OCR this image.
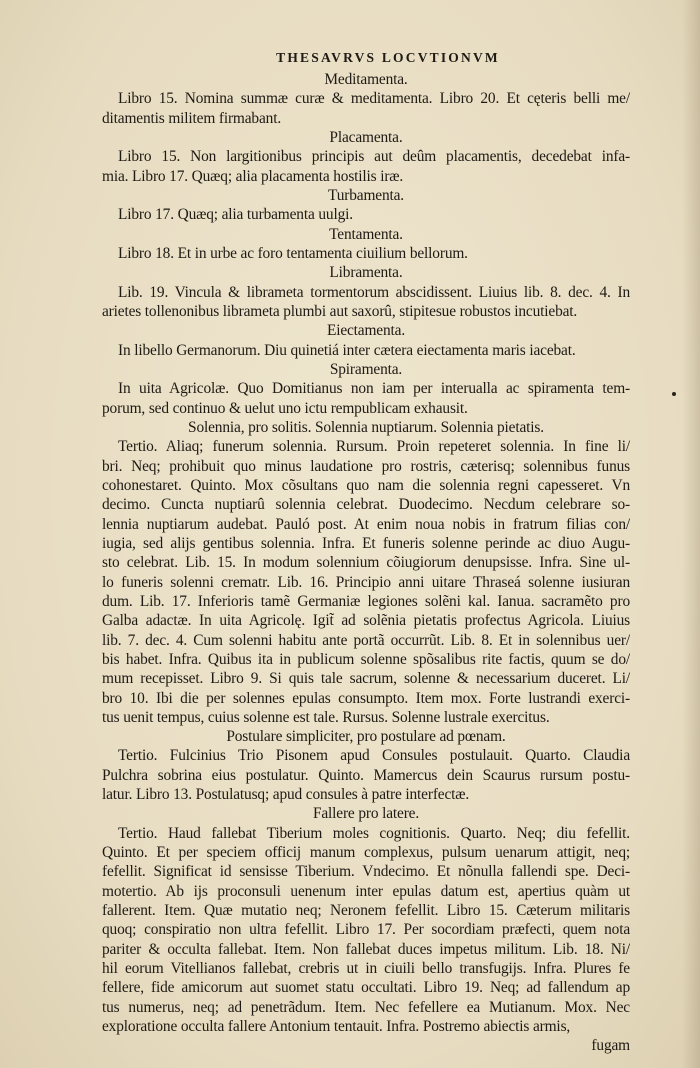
THESAVRVS LOCVTIONVM
Meditamenta.
Libro 15. Nomina summæ curæ & meditamenta. Libro 20. Et cęteris belli me/
ditamentis militem firmabant.
Placamenta.
Libro 15. Non largitionibus principis aut deûm placamentis, decedebat infa-
mia. Libro 17. Quæq; alia placamenta hostilis iræ.
Turbamenta.
Libro 17. Quæq; alia turbamenta uulgi.
Tentamenta.
Libro 18. Et in urbe ac foro tentamenta ciuilium bellorum.
Libramenta.
Lib. 19. Vincula & librameta tormentorum abscidissent. Liuius lib. 8. dec. 4. In
arietes tollenonibus librameta plumbi aut saxorû, stipitesue robustos incutiebat.
Eiectamenta.
In libello Germanorum. Diu quinetiá inter cætera eiectamenta maris iacebat.
Spiramenta.
In uita Agricolæ. Quo Domitianus non iam per interualla ac spiramenta tem-
porum, sed continuo & uelut uno ictu rempublicam exhausit.
Solennia, pro solitis. Solennia nuptiarum. Solennia pietatis.
Tertio. Aliaq; funerum solennia. Rursum. Proin repeteret solennia. In fine li/
bri. Neq; prohibuit quo minus laudatione pro rostris, cæterisq; solennibus funus
cohonestaret. Quinto. Mox cõsultans quo nam die solennia regni capesseret. Vn
decimo. Cuncta nuptiarû solennia celebrat. Duodecimo. Necdum celebrare so-
lennia nuptiarum audebat. Pauló post. At enim noua nobis in fratrum filias con/
iugia, sed alijs gentibus solennia. Infra. Et funeris solenne perinde ac diuo Augu-
sto celebrat. Lib. 15. In modum solennium cõiugiorum denupsisse. Infra. Sine ul-
lo funeris solenni crematr. Lib. 16. Principio anni uitare Thraseá solenne iusiuran
dum. Lib. 17. Inferioris tamẽ Germaniæ legiones solẽni kal. Ianua. sacramẽto pro
Galba adactæ. In uita Agricolę. Igit̃ ad solẽnia pietatis profectus Agricola. Liuius
lib. 7. dec. 4. Cum solenni habitu ante portã occurrũt. Lib. 8. Et in solennibus uer/
bis habet. Infra. Quibus ita in publicum solenne spõsalibus rite factis, quum se do/
mum recepisset. Libro 9. Si quis tale sacrum, solenne & necessarium duceret. Li/
bro 10. Ibi die per solennes epulas consumpto. Item mox. Forte lustrandi exerci-
tus uenit tempus, cuius solenne est tale. Rursus. Solenne lustrale exercitus.
Postulare simpliciter, pro postulare ad pœnam.
Tertio. Fulcinius Trio Pisonem apud Consules postulauit. Quarto. Claudia
Pulchra sobrina eius postulatur. Quinto. Mamercus dein Scaurus rursum postu-
latur. Libro 13. Postulatusq; apud consules à patre interfectæ.
Fallere pro latere.
Tertio. Haud fallebat Tiberium moles cognitionis. Quarto. Neq; diu fefellit.
Quinto. Et per speciem officij manum complexus, pulsum uenarum attigit, neq;
fefellit. Significat id sensisse Tiberium. Vndecimo. Et nõnulla fallendi spe. Deci-
motertio. Ab ijs proconsuli uenenum inter epulas datum est, apertius quàm ut
fallerent. Item. Quæ mutatio neq; Neronem fefellit. Libro 15. Cæterum militaris
quoq; conspiratio non ultra fefellit. Libro 17. Per socordiam præfecti, quem nota
pariter & occulta fallebat. Item. Non fallebat duces impetus militum. Lib. 18. Ni/
hil eorum Vitellianos fallebat, crebris ut in ciuili bello transfugijs. Infra. Plures fe
fellere, fide amicorum aut suomet statu occultati. Libro 19. Neq; ad fallendum ap
tus numerus, neq; ad penetrãdum. Item. Nec fefellere ea Mutianum. Mox. Nec
exploratione occulta fallere Antonium tentauit. Infra. Postremo abiectis armis,
fugam
